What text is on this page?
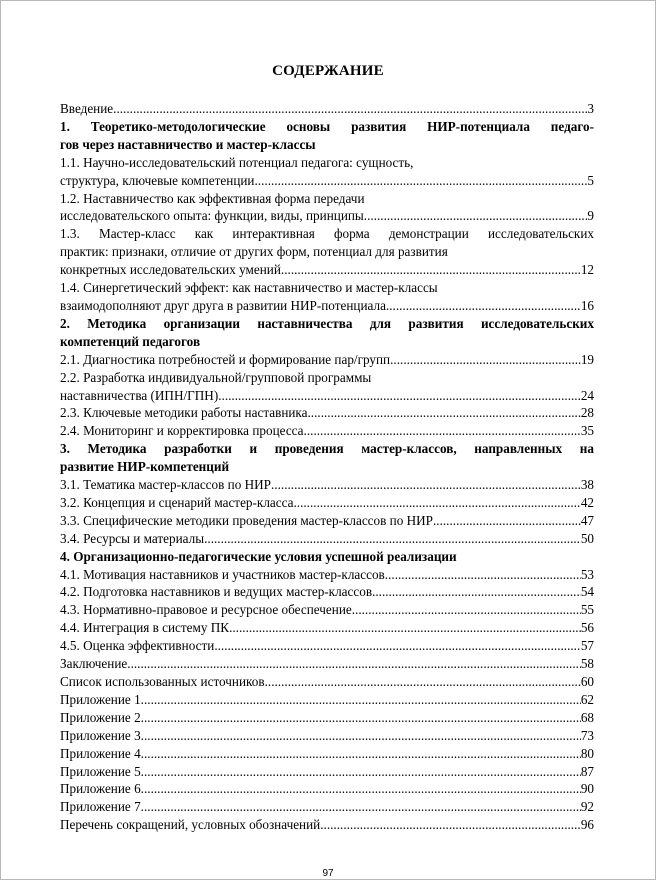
СОДЕРЖАНИЕ
Введение .....	3
1. Теоретико-методологические основы развития НИР-потенциала педаго-
гов через наставничество и мастер-классы
1.1. Научно-исследовательский потенциал педагога: сущность,
структура, ключевые компетенции .....	5
1.2. Наставничество как эффективная форма передачи
исследовательского опыта: функции, виды, принципы .....	9
1.3. Мастер-класс как интерактивная форма демонстрации исследовательских
практик: признаки, отличие от других форм, потенциал для развития
конкретных исследовательских умений .....	12
1.4. Синергетический эффект: как наставничество и мастер-классы
взаимодополняют друг друга в развитии НИР-потенциала .....	16
2. Методика организации наставничества для развития исследовательских
компетенций педагогов
2.1. Диагностика потребностей и формирование пар/групп .....	19
2.2. Разработка индивидуальной/групповой программы
наставничества (ИПН/ГПН) .....	24
2.3. Ключевые методики работы наставника .....	28
2.4. Мониторинг и корректировка процесса .....	35
3. Методика разработки и проведения мастер-классов, направленных на
развитие НИР-компетенций
3.1. Тематика мастер-классов по НИР .....	38
3.2. Концепция и сценарий мастер-класса .....	42
3.3. Специфические методики проведения мастер-классов по НИР .....	47
3.4. Ресурсы и материалы .....	50
4. Организационно-педагогические условия успешной реализации
4.1. Мотивация наставников и участников мастер-классов .....	53
4.2. Подготовка наставников и ведущих мастер-классов .....	54
4.3. Нормативно-правовое и ресурсное обеспечение .....	55
4.4. Интеграция в систему ПК .....	56
4.5. Оценка эффективности .....	57
Заключение .....	58
Список использованных источников .....	60
Приложение 1 .....	62
Приложение 2 .....	68
Приложение 3 .....	73
Приложение 4 .....	80
Приложение 5 .....	87
Приложение 6 .....	90
Приложение 7 .....	92
Перечень сокращений, условных обозначений .....	96
97
